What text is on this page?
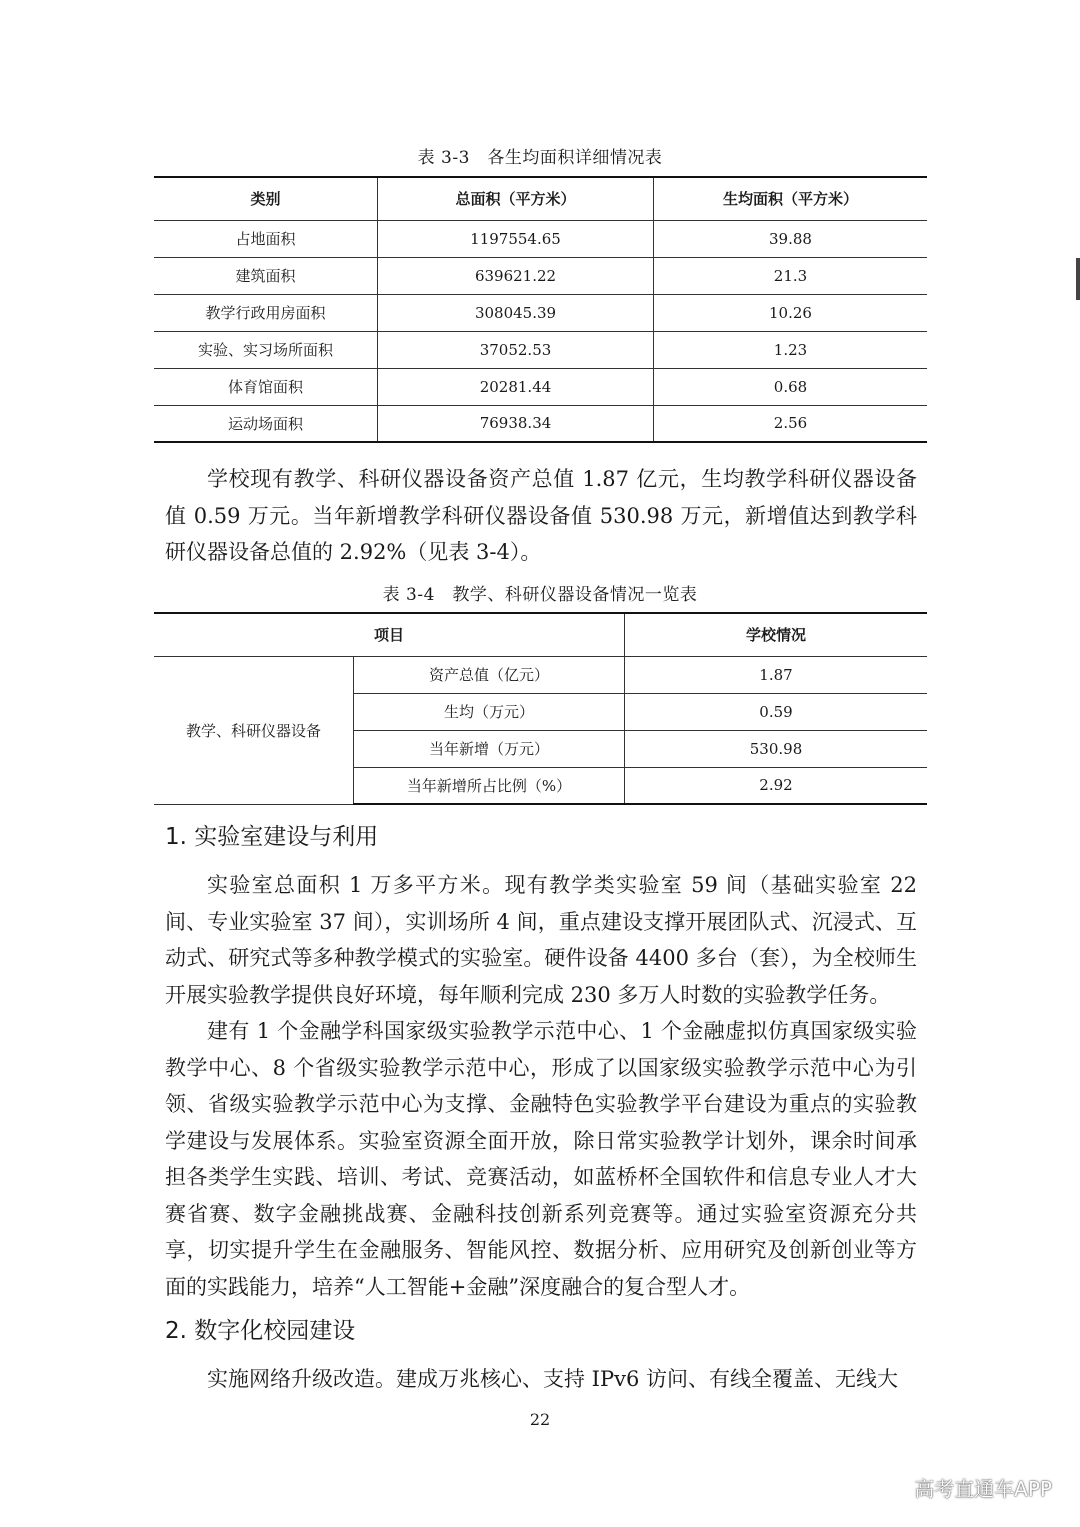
表 3-3　各生均面积详细情况表
类别	总面积（平方米）	生均面积（平方米）
占地面积	1197554.65	39.88
建筑面积	639621.22	21.3
教学行政用房面积	308045.39	10.26
实验、实习场所面积	37052.53	1.23
体育馆面积	20281.44	0.68
运动场面积	76938.34	2.56

学校现有教学、科研仪器设备资产总值 1.87 亿元，生均教学科研仪器设备值 0.59 万元。当年新增教学科研仪器设备值 530.98 万元，新增值达到教学科研仪器设备总值的 2.92%（见表 3-4）。

表 3-4　教学、科研仪器设备情况一览表
项目		学校情况
教学、科研仪器设备	资产总值（亿元）	1.87
	生均（万元）	0.59
	当年新增（万元）	530.98
	当年新增所占比例（%）	2.92
1. 实验室建设与利用

实验室总面积 1 万多平方米。现有教学类实验室 59 间（基础实验室 22 间、专业实验室 37 间），实训场所 4 间，重点建设支撑开展团队式、沉浸式、互动式、研究式等多种教学模式的实验室。硬件设备 4400 多台（套），为全校师生开展实验教学提供良好环境，每年顺利完成 230 多万人时数的实验教学任务。

建有 1 个金融学科国家级实验教学示范中心、1 个金融虚拟仿真国家级实验教学中心、8 个省级实验教学示范中心，形成了以国家级实验教学示范中心为引领、省级实验教学示范中心为支撑、金融特色实验教学平台建设为重点的实验教学建设与发展体系。实验室资源全面开放，除日常实验教学计划外，课余时间承担各类学生实践、培训、考试、竞赛活动，如蓝桥杯全国软件和信息专业人才大赛省赛、数字金融挑战赛、金融科技创新系列竞赛等。通过实验室资源充分共享，切实提升学生在金融服务、智能风控、数据分析、应用研究及创新创业等方面的实践能力，培养“人工智能+金融”深度融合的复合型人才。

2. 数字化校园建设

实施网络升级改造。建成万兆核心、支持 IPv6 访问、有线全覆盖、无线大

22
高考直通车APP
